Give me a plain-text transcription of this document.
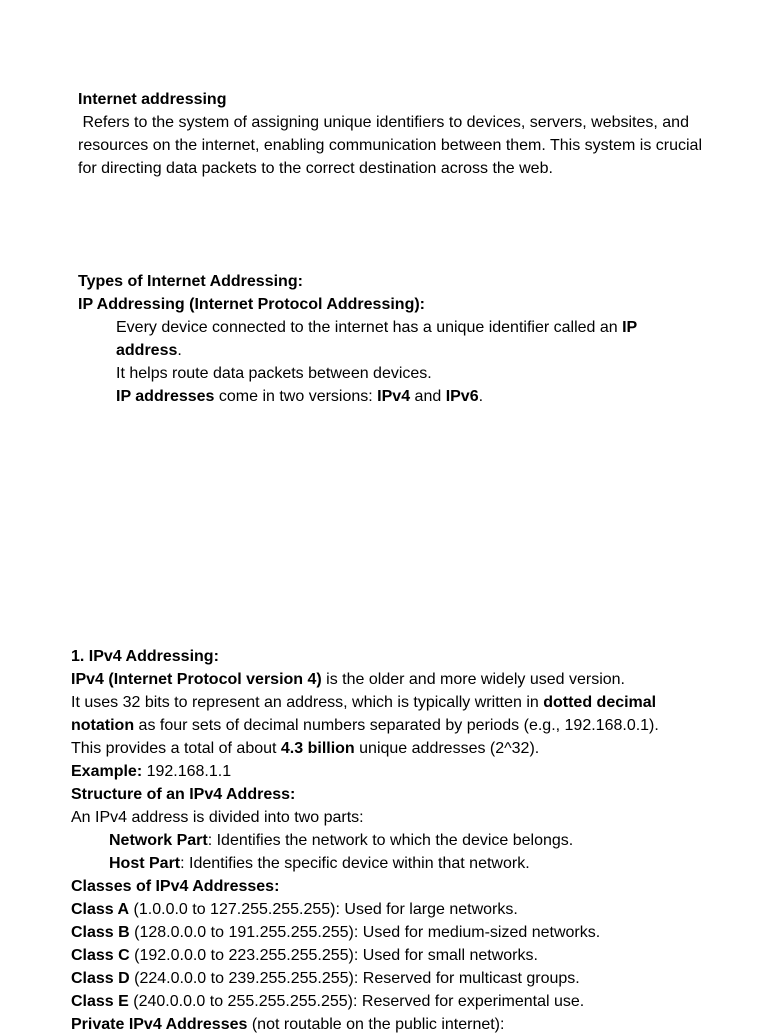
Internet addressing

Refers to the system of assigning unique identifiers to devices, servers, websites, and resources on the internet, enabling communication between them. This system is crucial for directing data packets to the correct destination across the web.

Types of Internet Addressing:

IP Addressing (Internet Protocol Addressing):

Every device connected to the internet has a unique identifier called an IP

address.

It helps route data packets between devices.

IP addresses come in two versions: IPv4 and IPv6.

1. IPv4 Addressing:

IPv4 (Internet Protocol version 4) is the older and more widely used version.

It uses 32 bits to represent an address, which is typically written in dotted decimal

notation as four sets of decimal numbers separated by periods (e.g., 192.168.0.1).

This provides a total of about 4.3 billion unique addresses (2^32).

Example: 192.168.1.1

Structure of an IPv4 Address:

An IPv4 address is divided into two parts:

Network Part: Identifies the network to which the device belongs.

Host Part: Identifies the specific device within that network.

Classes of IPv4 Addresses:

Class A (1.0.0.0 to 127.255.255.255): Used for large networks.

Class B (128.0.0.0 to 191.255.255.255): Used for medium-sized networks.

Class C (192.0.0.0 to 223.255.255.255): Used for small networks.

Class D (224.0.0.0 to 239.255.255.255): Reserved for multicast groups.

Class E (240.0.0.0 to 255.255.255.255): Reserved for experimental use.

Private IPv4 Addresses (not routable on the public internet):
